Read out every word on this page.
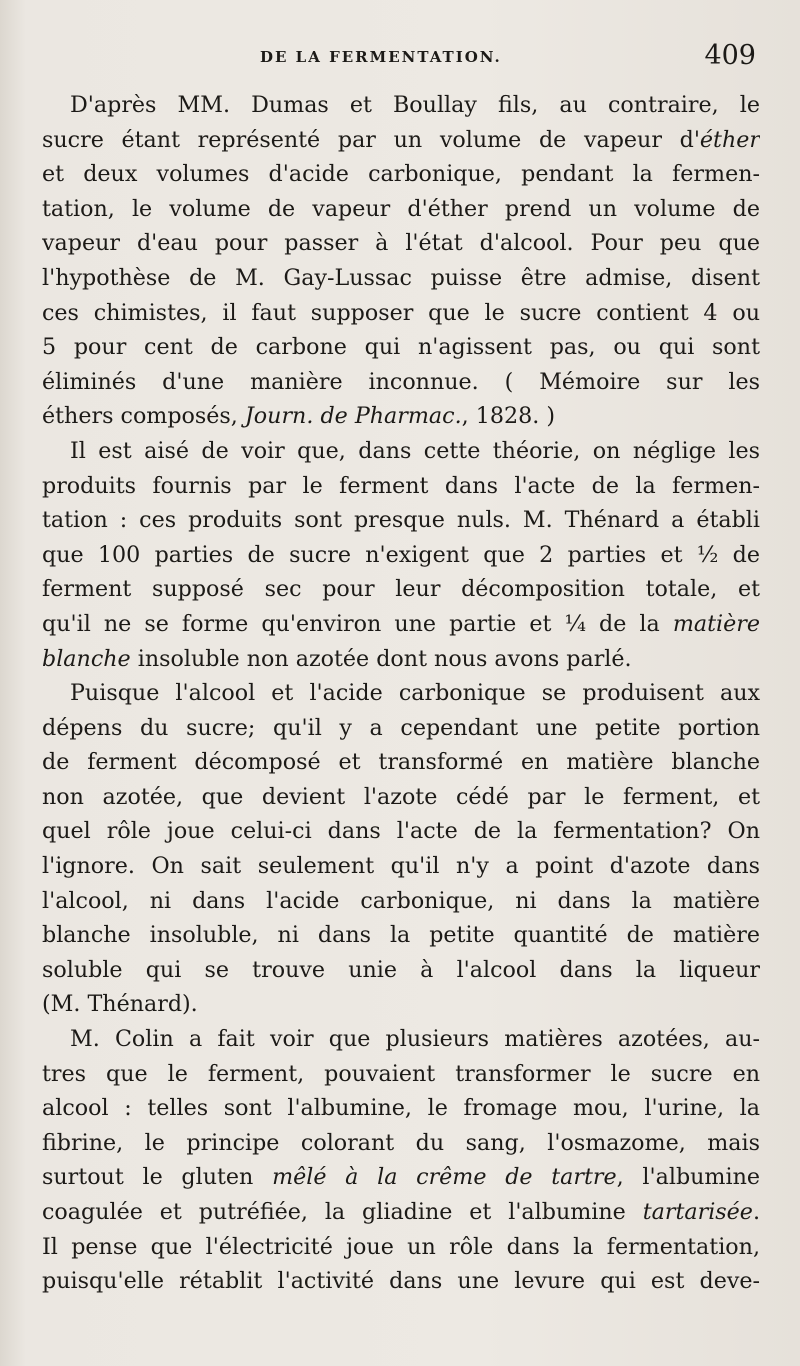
DE LA FERMENTATION.	409
D'après MM. Dumas et Boullay fils, au contraire, le
sucre étant représenté par un volume de vapeur d'éther
et deux volumes d'acide carbonique, pendant la fermen-
tation, le volume de vapeur d'éther prend un volume de
vapeur d'eau pour passer à l'état d'alcool. Pour peu que
l'hypothèse de M. Gay-Lussac puisse être admise, disent
ces chimistes, il faut supposer que le sucre contient 4 ou
5 pour cent de carbone qui n'agissent pas, ou qui sont
éliminés d'une manière inconnue. ( Mémoire sur les
éthers composés, Journ. de Pharmac., 1828. )
Il est aisé de voir que, dans cette théorie, on néglige les
produits fournis par le ferment dans l'acte de la fermen-
tation : ces produits sont presque nuls. M. Thénard a établi
que 100 parties de sucre n'exigent que 2 parties et ½ de
ferment supposé sec pour leur décomposition totale, et
qu'il ne se forme qu'environ une partie et ¼ de la matière
blanche insoluble non azotée dont nous avons parlé.
Puisque l'alcool et l'acide carbonique se produisent aux
dépens du sucre; qu'il y a cependant une petite portion
de ferment décomposé et transformé en matière blanche
non azotée, que devient l'azote cédé par le ferment, et
quel rôle joue celui-ci dans l'acte de la fermentation? On
l'ignore. On sait seulement qu'il n'y a point d'azote dans
l'alcool, ni dans l'acide carbonique, ni dans la matière
blanche insoluble, ni dans la petite quantité de matière
soluble qui se trouve unie à l'alcool dans la liqueur
(M. Thénard).
M. Colin a fait voir que plusieurs matières azotées, au-
tres que le ferment, pouvaient transformer le sucre en
alcool : telles sont l'albumine, le fromage mou, l'urine, la
fibrine, le principe colorant du sang, l'osmazome, mais
surtout le gluten mêlé à la crême de tartre, l'albumine
coagulée et putréfiée, la gliadine et l'albumine tartarisée.
Il pense que l'électricité joue un rôle dans la fermentation,
puisqu'elle rétablit l'activité dans une levure qui est deve-
